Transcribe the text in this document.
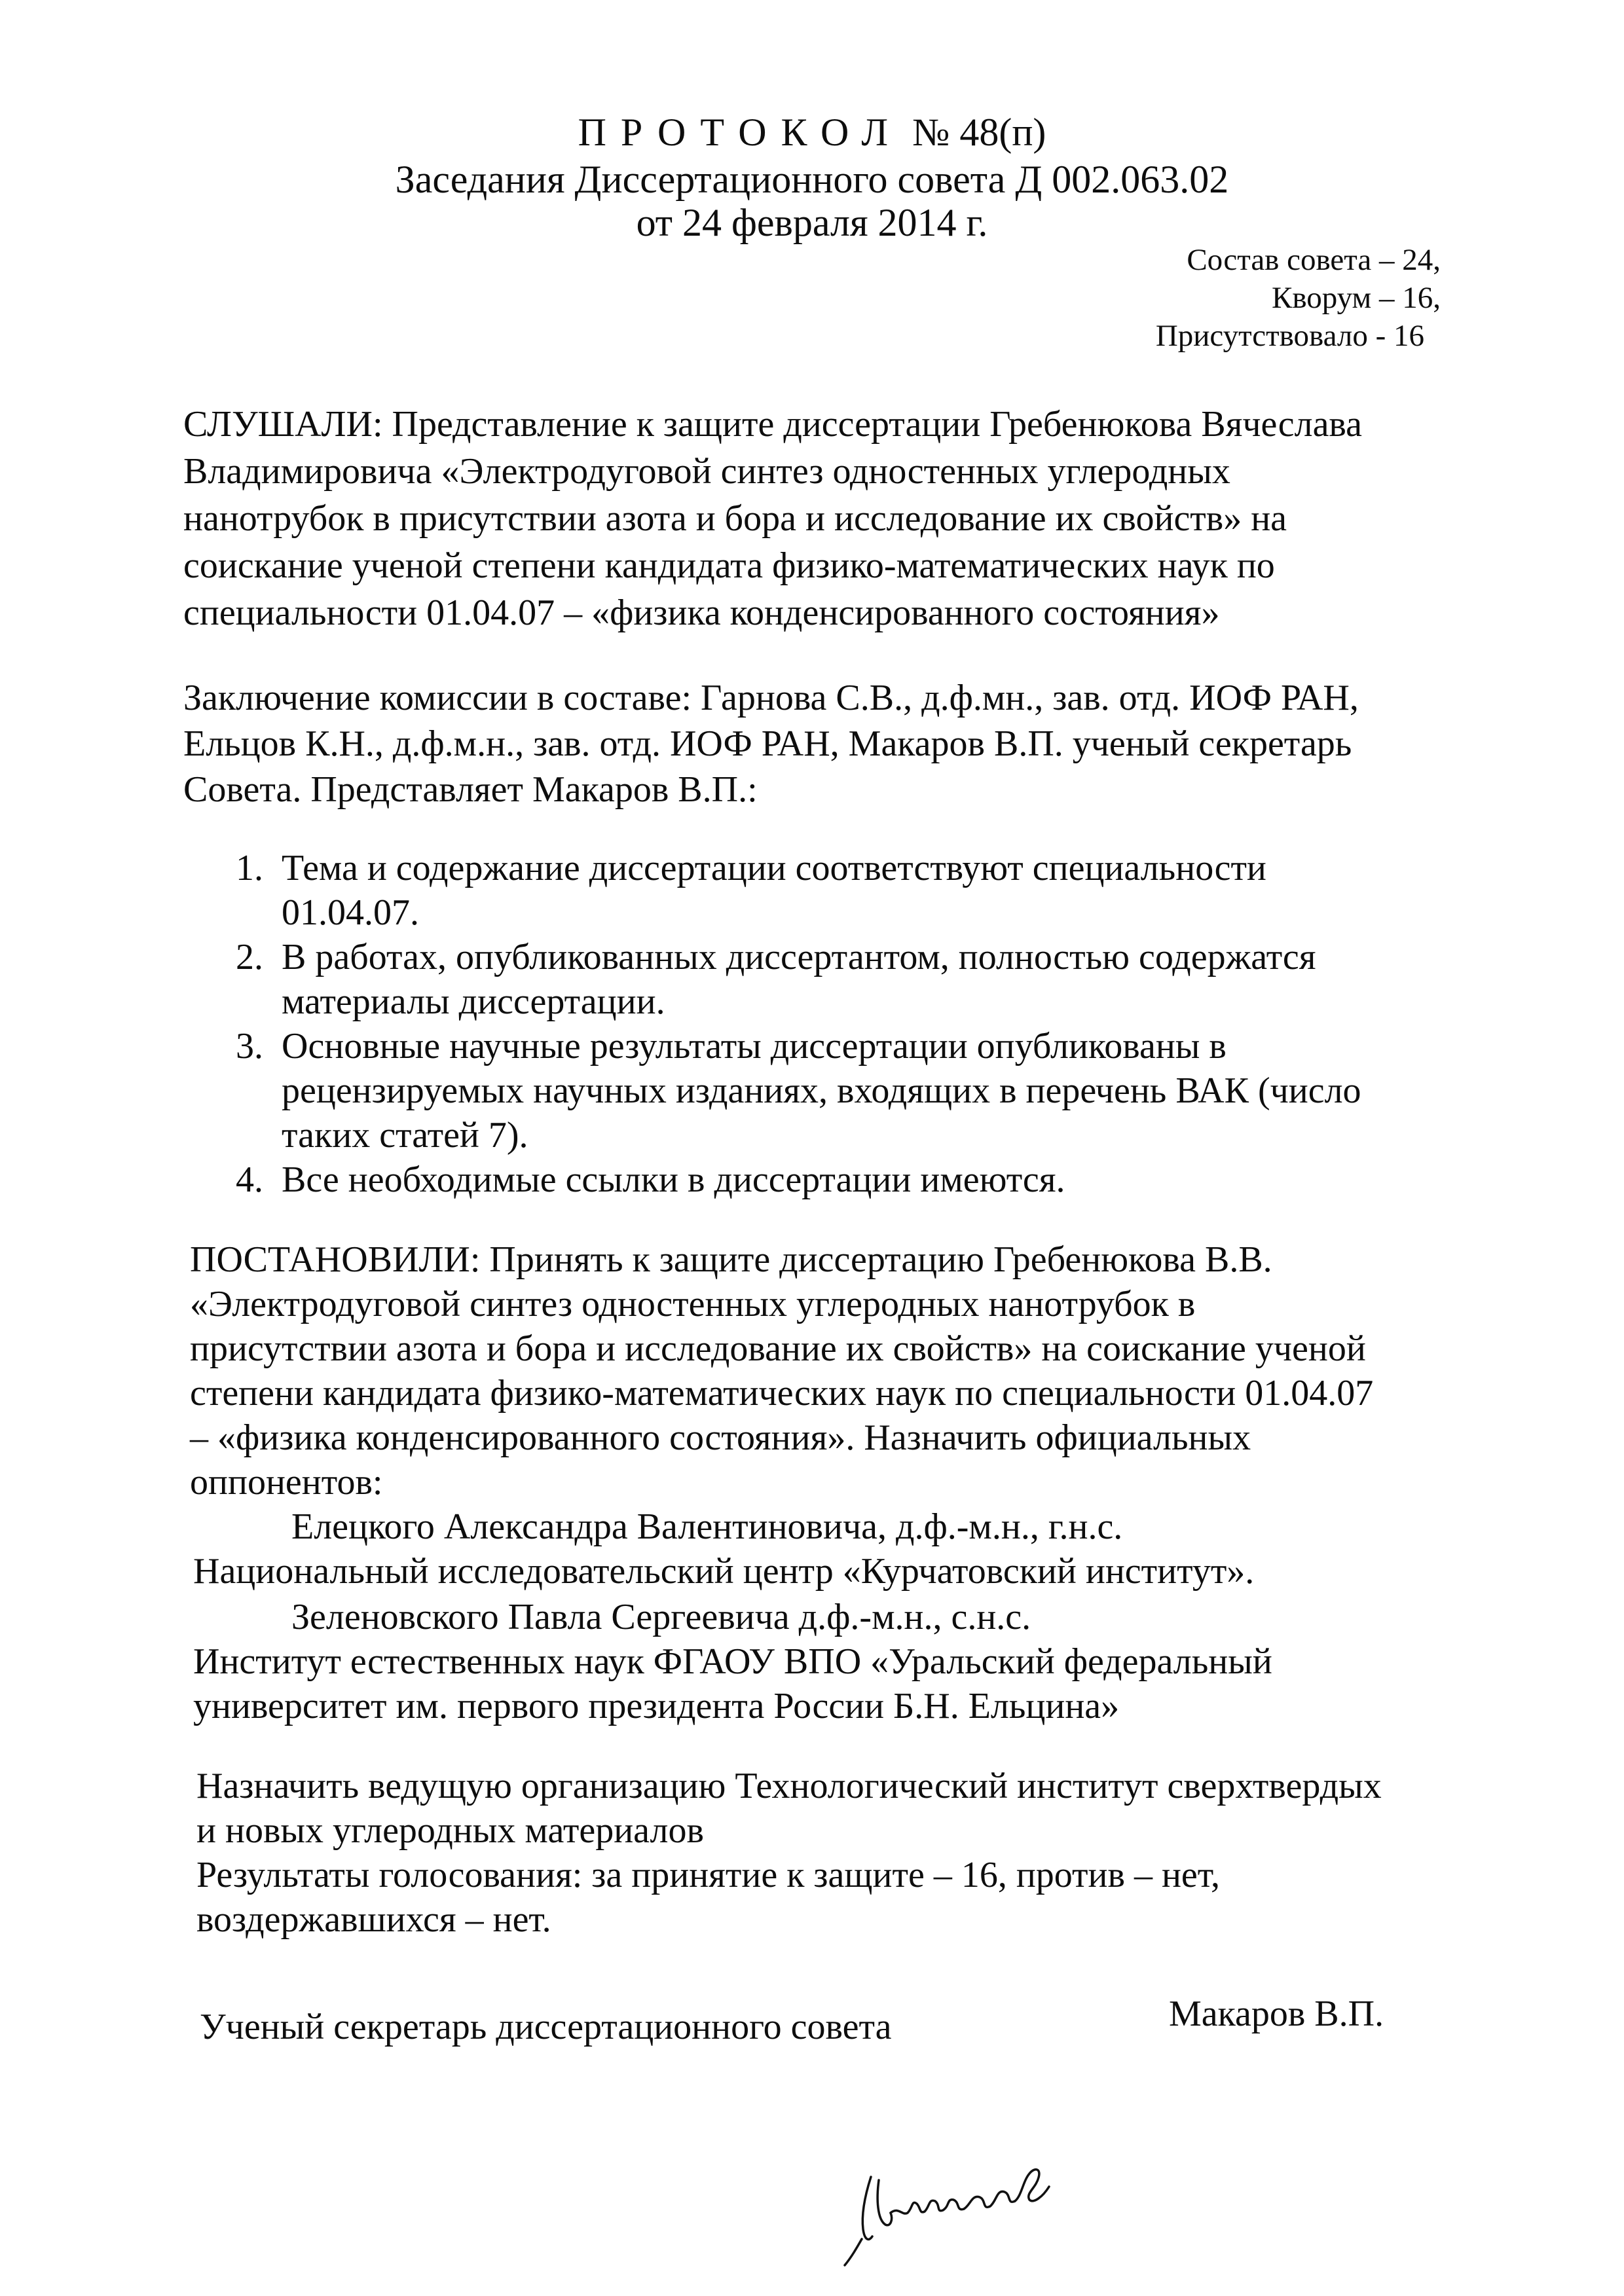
ПРОТОКОЛ № 48(п)
Заседания Диссертационного совета Д 002.063.02
от 24 февраля 2014 г.
Состав совета – 24,
Кворум – 16,
Присутствовало - 16
СЛУШАЛИ: Представление к защите диссертации Гребенюкова Вячеслава
Владимировича «Электродуговой синтез одностенных углеродных
нанотрубок в присутствии азота и бора и исследование их свойств» на
соискание ученой степени кандидата физико-математических наук по
специальности 01.04.07 – «физика конденсированного состояния»
Заключение комиссии в составе: Гарнова С.В., д.ф.мн., зав. отд. ИОФ РАН,
Ельцов К.Н., д.ф.м.н., зав. отд. ИОФ РАН, Макаров В.П. ученый секретарь
Совета. Представляет Макаров В.П.:
1. Тема и содержание диссертации соответствуют специальности
01.04.07.
2. В работах, опубликованных диссертантом, полностью содержатся
материалы диссертации.
3. Основные научные результаты диссертации опубликованы в
рецензируемых научных изданиях, входящих в перечень ВАК (число
таких статей 7).
4. Все необходимые ссылки в диссертации имеются.
ПОСТАНОВИЛИ: Принять к защите диссертацию Гребенюкова В.В.
«Электродуговой синтез одностенных углеродных нанотрубок в
присутствии азота и бора и исследование их свойств» на соискание ученой
степени кандидата физико-математических наук по специальности 01.04.07
– «физика конденсированного состояния». Назначить официальных
оппонентов:
Елецкого Александра Валентиновича, д.ф.-м.н., г.н.с.
Национальный исследовательский центр «Курчатовский институт».
Зеленовского Павла Сергеевича д.ф.-м.н., с.н.с.
Институт естественных наук ФГАОУ ВПО «Уральский федеральный
университет им. первого президента России Б.Н. Ельцина»
Назначить ведущую организацию Технологический институт сверхтвердых
и новых углеродных материалов
Результаты голосования: за принятие к защите – 16, против – нет,
воздержавшихся – нет.
Ученый секретарь диссертационного совета	Макаров В.П.
